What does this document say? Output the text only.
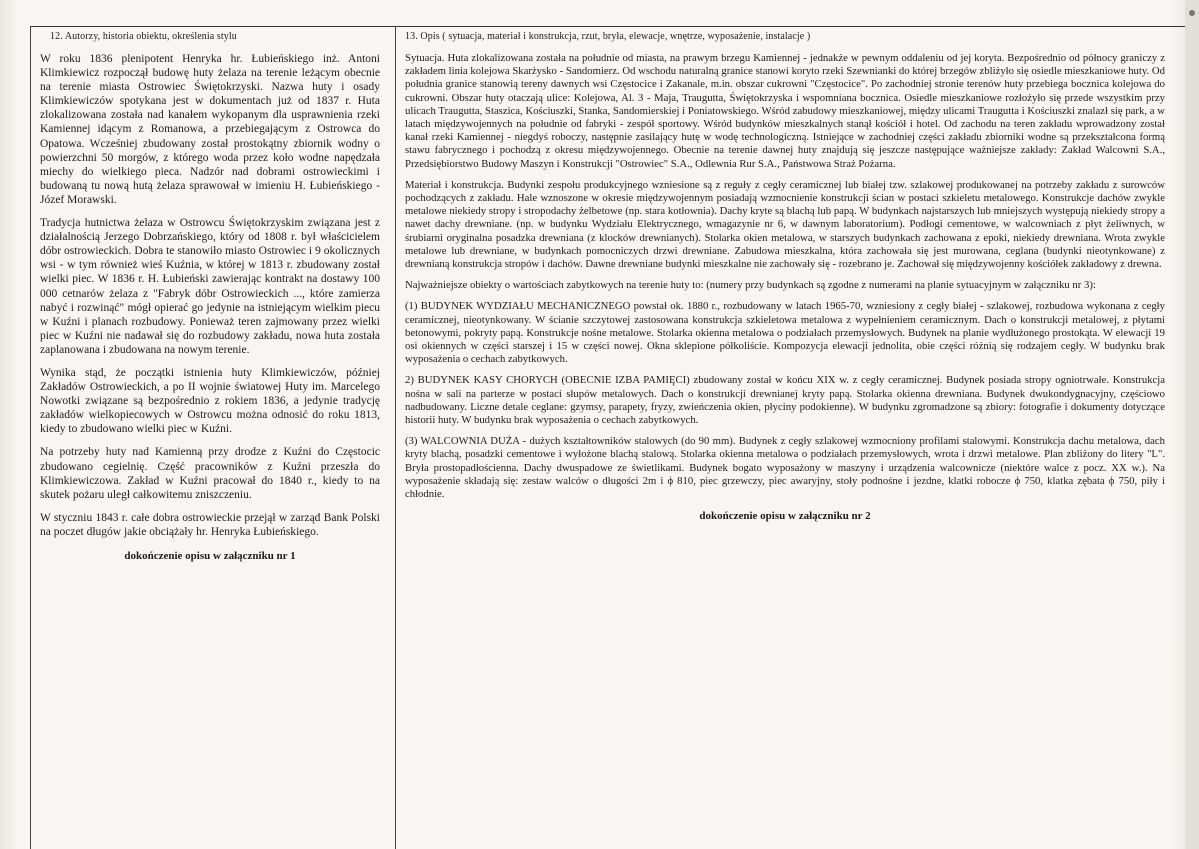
12. Autorzy, historia obiektu, określenia stylu

W roku 1836 plenipotent Henryka hr. Łubieńskiego inż. Antoni Klimkiewicz rozpoczął budowę huty żelaza na terenie leżącym obecnie na terenie miasta Ostrowiec Świętokrzyski. Nazwa huty i osady Klimkiewiczów spotykana jest w dokumentach już od 1837 r. Huta zlokalizowana została nad kanałem wykopanym dla usprawnienia rzeki Kamiennej idącym z Romanowa, a przebiegającym z Ostrowca do Opatowa. Wcześniej zbudowany został prostokątny zbiornik wodny o powierzchni 50 morgów, z którego woda przez koło wodne napędzała miechy do wielkiego pieca. Nadzór nad dobrami ostrowieckimi i budowaną tu nową hutą żelaza sprawował w imieniu H. Łubieńskiego - Józef Morawski.

Tradycja hutnictwa żelaza w Ostrowcu Świętokrzyskim związana jest z działalnością Jerzego Dobrzańskiego, który od 1808 r. był właścicielem dóbr ostrowieckich. Dobra te stanowiło miasto Ostrowiec i 9 okolicznych wsi - w tym również wieś Kuźnia, w której w 1813 r. zbudowany został wielki piec. W 1836 r. H. Łubieński zawierając kontrakt na dostawy 100 000 cetnarów żelaza z "Fabryk dóbr Ostrowieckich ..., które zamierza nabyć i rozwinąć" mógł opierać go jedynie na istniejącym wielkim piecu w Kuźni i planach rozbudowy. Ponieważ teren zajmowany przez wielki piec w Kuźni nie nadawał się do rozbudowy zakładu, nowa huta została zaplanowana i zbudowana na nowym terenie.

Wynika stąd, że początki istnienia huty Klimkiewiczów, później Zakładów Ostrowieckich, a po II wojnie światowej Huty im. Marcelego Nowotki związane są bezpośrednio z rokiem 1836, a jedynie tradycję zakładów wielkopiecowych w Ostrowcu można odnosić do roku 1813, kiedy to zbudowano wielki piec w Kuźni.

Na potrzeby huty nad Kamienną przy drodze z Kuźni do Częstocic zbudowano cegielnię. Część pracowników z Kuźni przeszła do Klimkiewiczowa. Zakład w Kuźni pracował do 1840 r., kiedy to na skutek pożaru uległ całkowitemu zniszczeniu.

W styczniu 1843 r. całe dobra ostrowieckie przejął w zarząd Bank Polski na poczet długów jakie obciążały hr. Henryka Łubieńskiego.

dokończenie opisu w załączniku nr 1
13. Opis ( sytuacja, materiał i konstrukcja, rzut, bryła, elewacje, wnętrze, wyposażenie, instalacje )

Sytuacja. Huta zlokalizowana została na południe od miasta, na prawym brzegu Kamiennej - jednakże w pewnym oddaleniu od jej koryta. Bezpośrednio od północy graniczy z zakładem linia kolejowa Skarżysko - Sandomierz. Od wschodu naturalną granice stanowi koryto rzeki Szewnianki do której brzegów zbliżyło się osiedle mieszkaniowe huty. Od południa granice stanowią tereny dawnych wsi Częstocice i Zakanale, m.in. obszar cukrowni "Częstocice". Po zachodniej stronie terenów huty przebiega bocznica kolejowa do cukrowni. Obszar huty otaczają ulice: Kolejowa, Al. 3 - Maja, Traugutta, Świętokrzyska i wspomniana bocznica. Osiedle mieszkaniowe rozłożyło się przede wszystkim przy ulicach Traugutta, Staszica, Kościuszki, Stanka, Sandomierskiej i Poniatowskiego. Wśród zabudowy mieszkaniowej, między ulicami Traugutta i Kościuszki znalazł się park, a w latach międzywojennych na południe od fabryki - zespół sportowy. Wśród budynków mieszkalnych stanął kościół i hotel. Od zachodu na teren zakładu wprowadzony został kanał rzeki Kamiennej - niegdyś roboczy, następnie zasilający hutę w wodę technologiczną. Istniejące w zachodniej części zakładu zbiorniki wodne są przekształcona formą stawu fabrycznego i pochodzą z okresu międzywojennego. Obecnie na terenie dawnej huty znajdują się jeszcze następujące ważniejsze zakłady: Zakład Walcowni S.A., Przedsiębiorstwo Budowy Maszyn i Konstrukcji "Ostrowiec" S.A., Odlewnia Rur S.A., Państwowa Straż Pożarna.

Materiał i konstrukcja. Budynki zespołu produkcyjnego wzniesione są z reguły z cegły ceramicznej lub białej tzw. szlakowej produkowanej na potrzeby zakładu z surowców pochodzących z zakładu. Hale wznoszone w okresie międzywojennym posiadają wzmocnienie konstrukcji ścian w postaci szkieletu metalowego. Konstrukcje dachów zwykle metalowe niekiedy stropy i stropodachy żelbetowe (np. stara kotłownia). Dachy kryte są blachą lub papą. W budynkach najstarszych lub mniejszych występują niekiedy stropy a nawet dachy drewniane. (np. w budynku Wydziału Elektrycznego, wmagazynie nr 6, w dawnym laboratorium). Podłogi cementowe, w walcowniach z płyt żeliwnych, w śrubiarni oryginalna posadzka drewniana (z klocków drewnianych). Stolarka okien metalowa, w starszych budynkach zachowana z epoki, niekiedy drewniana. Wrota zwykle metalowe lub drewniane, w budynkach pomocniczych drzwi drewniane. Zabudowa mieszkalna, która zachowała się jest murowana, ceglana (budynki nieotynkowane) z drewnianą konstrukcja stropów i dachów. Dawne drewniane budynki mieszkalne nie zachowały się - rozebrano je. Zachował się międzywojenny kościółek zakładowy z drewna.

Najważniejsze obiekty o wartościach zabytkowych na terenie huty to: (numery przy budynkach są zgodne z numerami na planie sytuacyjnym w załączniku nr 3):

(1) BUDYNEK WYDZIAŁU MECHANICZNEGO powstał ok. 1880 r., rozbudowany w latach 1965-70, wzniesiony z cegły białej - szlakowej, rozbudowa wykonana z cegły ceramicznej, nieotynkowany. W ścianie szczytowej zastosowana konstrukcja szkieletowa metalowa z wypełnieniem ceramicznym. Dach o konstrukcji metalowej, z płytami betonowymi, pokryty papą. Konstrukcje nośne metalowe. Stolarka okienna metalowa o podziałach przemysłowych. Budynek na planie wydłużonego prostokąta. W elewacji 19 osi okiennych w części starszej i 15 w części nowej. Okna sklepione półkoliście. Kompozycja elewacji jednolita, obie części różnią się rodzajem cegły. W budynku brak wyposażenia o cechach zabytkowych.

2) BUDYNEK KASY CHORYCH (OBECNIE IZBA PAMIĘCI) zbudowany został w końcu XIX w. z cegły ceramicznej. Budynek posiada stropy ogniotrwałe. Konstrukcja nośna w sali na parterze w postaci słupów metalowych. Dach o konstrukcji drewnianej kryty papą. Stolarka okienna drewniana. Budynek dwukondygnacyjny, częściowo nadbudowany. Liczne detale ceglane: gzymsy, parapety, fryzy, zwieńczenia okien, płyciny podokienne). W budynku zgromadzone są zbiory: fotografie i dokumenty dotyczące historii huty. W budynku brak wyposażenia o cechach zabytkowych.

(3) WALCOWNIA DUŻA - dużych kształtowników stalowych (do 90 mm). Budynek z cegły szlakowej wzmocniony profilami stalowymi. Konstrukcja dachu metalowa, dach kryty blachą, posadzki cementowe i wyłożone blachą stalową. Stolarka okienna metalowa o podziałach przemysłowych, wrota i drzwi metalowe. Plan zbliżony do litery "L". Bryła prostopadłościenna. Dachy dwuspadowe ze świetlikami. Budynek bogato wyposażony w maszyny i urządzenia walcownicze (niektóre walce z pocz. XX w.). Na wyposażenie składają się: zestaw walców o długości 2m i ϕ 810, piec grzewczy, piec awaryjny, stoły podnośne i jezdne, klatki robocze ϕ 750, klatka zębata ϕ 750, piły i chłodnie.

dokończenie opisu w załączniku nr 2
